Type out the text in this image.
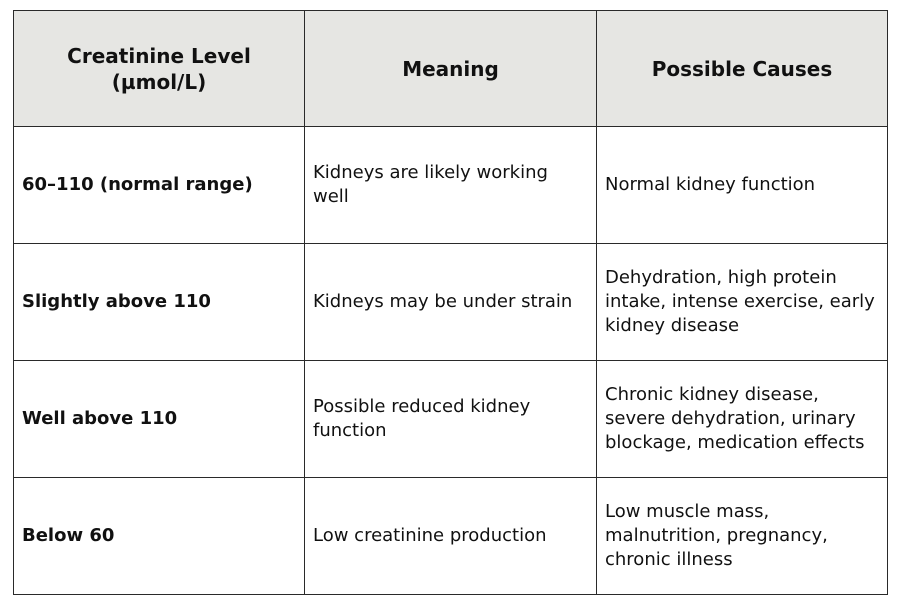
Creatinine Level (µmol/L)	Meaning	Possible Causes
60–110 (normal range)	Kidneys are likely working well	Normal kidney function
Slightly above 110	Kidneys may be under strain	Dehydration, high protein intake, intense exercise, early kidney disease
Well above 110	Possible reduced kidney function	Chronic kidney disease, severe dehydration, urinary blockage, medication effects
Below 60	Low creatinine production	Low muscle mass, malnutrition, pregnancy, chronic illness
